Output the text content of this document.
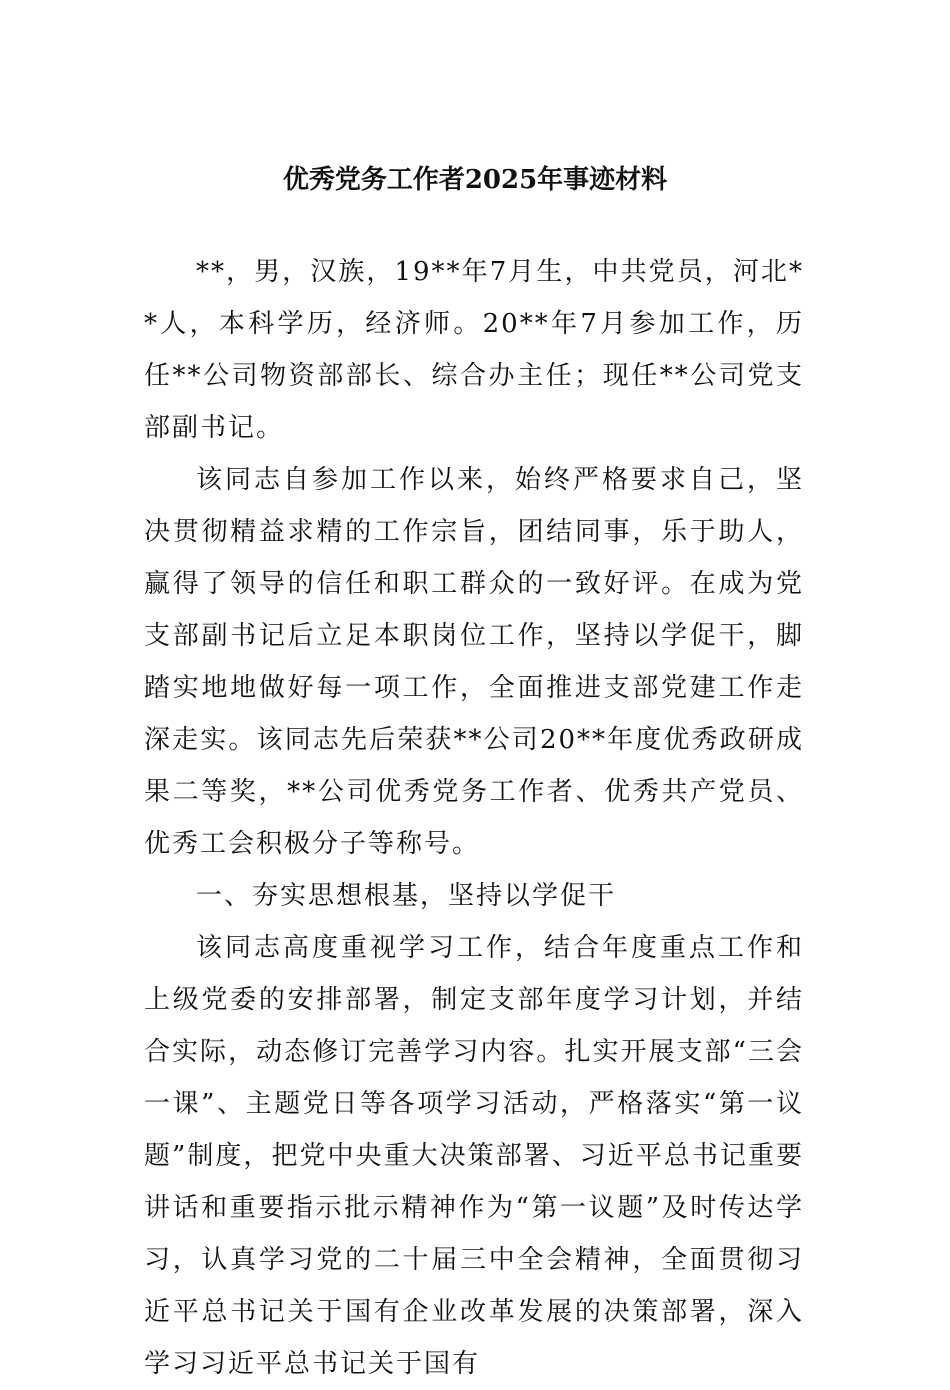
优秀党务工作者2025年事迹材料

**，男，汉族，19**年7月生，中共党员，河北**人，本科学历，经济师。20**年7月参加工作，历任**公司物资部部长、综合办主任；现任**公司党支部副书记。

该同志自参加工作以来，始终严格要求自己，坚决贯彻精益求精的工作宗旨，团结同事，乐于助人，赢得了领导的信任和职工群众的一致好评。在成为党支部副书记后立足本职岗位工作，坚持以学促干，脚踏实地地做好每一项工作，全面推进支部党建工作走深走实。该同志先后荣获**公司20**年度优秀政研成果二等奖，**公司优秀党务工作者、优秀共产党员、优秀工会积极分子等称号。

一、夯实思想根基，坚持以学促干

该同志高度重视学习工作，结合年度重点工作和上级党委的安排部署，制定支部年度学习计划，并结合实际，动态修订完善学习内容。扎实开展支部“三会一课”、主题党日等各项学习活动，严格落实“第一议题”制度，把党中央重大决策部署、习近平总书记重要讲话和重要指示批示精神作为“第一议题”及时传达学习，认真学习党的二十届三中全会精神，全面贯彻习近平总书记关于国有企业改革发展的决策部署，深入学习习近平总书记关于国有
